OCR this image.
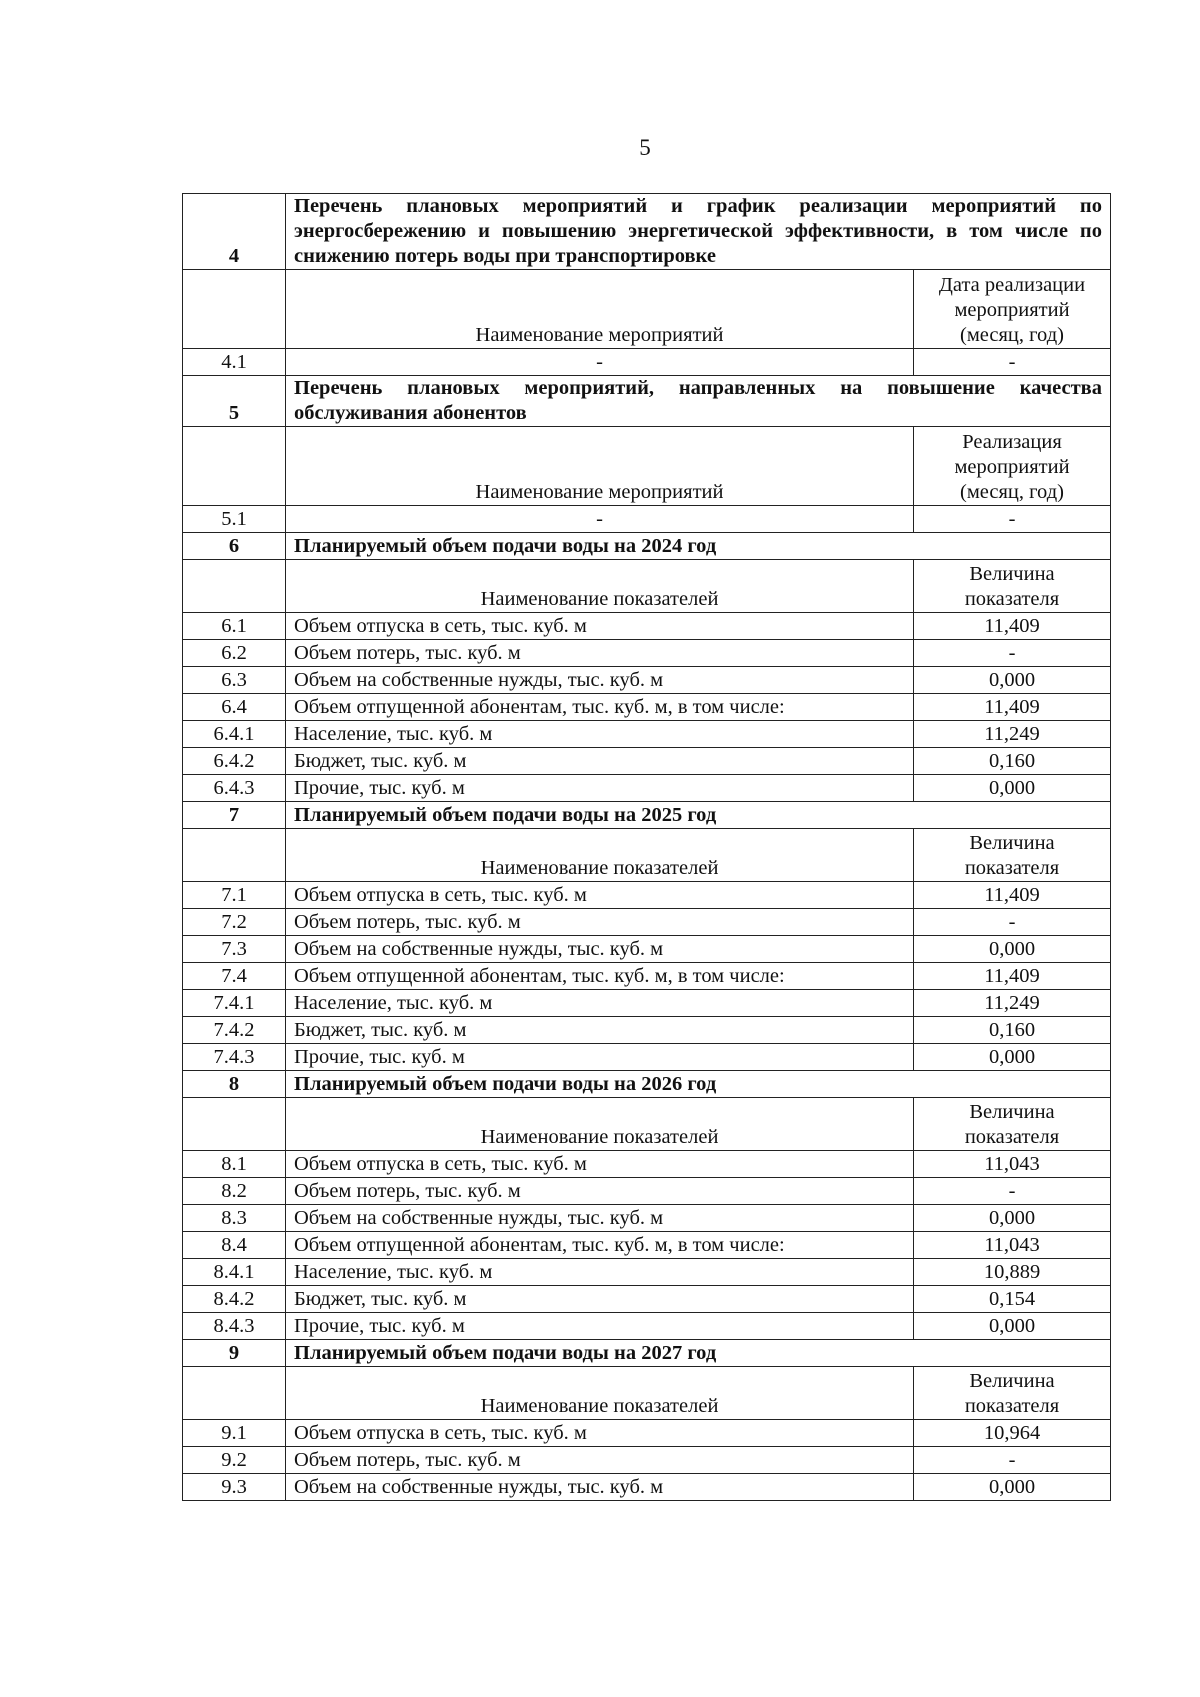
5
4	Перечень плановых мероприятий и график реализации мероприятий по энергосбережению и повышению энергетической эффективности, в том числе по снижению потерь воды при транспортировке	
	Наименование мероприятий	Дата реализации мероприятий (месяц, год)
4.1	-	-
5	Перечень плановых мероприятий, направленных на повышение качества обслуживания абонентов	
	Наименование мероприятий	Реализация мероприятий (месяц, год)
5.1	-	-
6	Планируемый объем подачи воды на 2024 год	
	Наименование показателей	Величина показателя
6.1	Объем отпуска в сеть, тыс. куб. м	11,409
6.2	Объем потерь, тыс. куб. м	-
6.3	Объем на собственные нужды, тыс. куб. м	0,000
6.4	Объем отпущенной абонентам, тыс. куб. м, в том числе:	11,409
6.4.1	Население, тыс. куб. м	11,249
6.4.2	Бюджет, тыс. куб. м	0,160
6.4.3	Прочие, тыс. куб. м	0,000
7	Планируемый объем подачи воды на 2025 год	
	Наименование показателей	Величина показателя
7.1	Объем отпуска в сеть, тыс. куб. м	11,409
7.2	Объем потерь, тыс. куб. м	-
7.3	Объем на собственные нужды, тыс. куб. м	0,000
7.4	Объем отпущенной абонентам, тыс. куб. м, в том числе:	11,409
7.4.1	Население, тыс. куб. м	11,249
7.4.2	Бюджет, тыс. куб. м	0,160
7.4.3	Прочие, тыс. куб. м	0,000
8	Планируемый объем подачи воды на 2026 год	
	Наименование показателей	Величина показателя
8.1	Объем отпуска в сеть, тыс. куб. м	11,043
8.2	Объем потерь, тыс. куб. м	-
8.3	Объем на собственные нужды, тыс. куб. м	0,000
8.4	Объем отпущенной абонентам, тыс. куб. м, в том числе:	11,043
8.4.1	Население, тыс. куб. м	10,889
8.4.2	Бюджет, тыс. куб. м	0,154
8.4.3	Прочие, тыс. куб. м	0,000
9	Планируемый объем подачи воды на 2027 год	
	Наименование показателей	Величина показателя
9.1	Объем отпуска в сеть, тыс. куб. м	10,964
9.2	Объем потерь, тыс. куб. м	-
9.3	Объем на собственные нужды, тыс. куб. м	0,000
